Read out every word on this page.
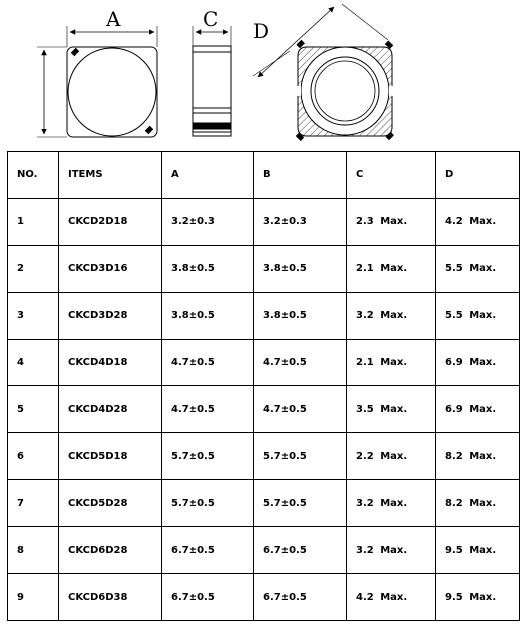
A	C D
NO.	ITEMS	A	B	C	D
1	CKCD2D18	3.2±0.3	3.2±0.3	2.3 Max.	4.2 Max.
2	CKCD3D16	3.8±0.5	3.8±0.5	2.1 Max.	5.5 Max.
3	CKCD3D28	3.8±0.5	3.8±0.5	3.2 Max.	5.5 Max.
4	CKCD4D18	4.7±0.5	4.7±0.5	2.1 Max.	6.9 Max.
5	CKCD4D28	4.7±0.5	4.7±0.5	3.5 Max.	6.9 Max.
6	CKCD5D18	5.7±0.5	5.7±0.5	2.2 Max.	8.2 Max.
7	CKCD5D28	5.7±0.5	5.7±0.5	3.2 Max.	8.2 Max.
8	CKCD6D28	6.7±0.5	6.7±0.5	3.2 Max.	9.5 Max.
9	CKCD6D38	6.7±0.5	6.7±0.5	4.2 Max.	9.5 Max.
